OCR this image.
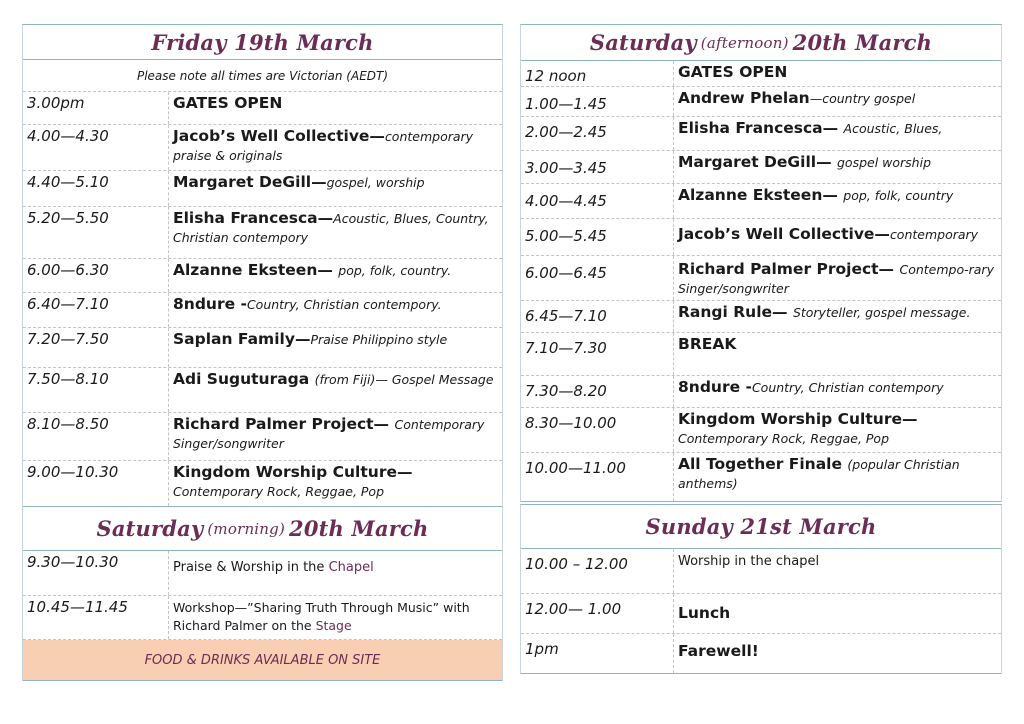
Friday 19th March
Please note all times are Victorian (AEDT)
3.00pm	GATES OPEN
4.00—4.30	Jacob’s Well Collective—contemporary praise & originals
4.40—5.10	Margaret DeGill—gospel, worship
5.20—5.50	Elisha Francesca—Acoustic, Blues, Country, Christian contempory
6.00—6.30	Alzanne Eksteen— pop, folk, country.
6.40—7.10	8ndure -Country, Christian contempory.
7.20—7.50	Saplan Family—Praise Philippino style
7.50—8.10	Adi Suguturaga (from Fiji)— Gospel Message
8.10—8.50	Richard Palmer Project— Contemporary Singer/songwriter
9.00—10.30	Kingdom Worship Culture—
Contemporary Rock, Reggae, Pop
Saturday (morning) 20th March
9.30—10.30	Praise & Worship in the Chapel
10.45—11.45	Workshop—”Sharing Truth Through Music” with Richard Palmer on the Stage
FOOD & DRINKS AVAILABLE ON SITE
Saturday (afternoon) 20th March
12 noon	GATES OPEN
1.00—1.45	Andrew Phelan—country gospel
2.00—2.45	Elisha Francesca— Acoustic, Blues,
3.00—3.45	Margaret DeGill— gospel worship
4.00—4.45	Alzanne Eksteen— pop, folk, country
5.00—5.45	Jacob’s Well Collective—contemporary
6.00—6.45	Richard Palmer Project— Contempo-rary Singer/songwriter
6.45—7.10	Rangi Rule— Storyteller, gospel message.
7.10—7.30	BREAK
7.30—8.20	8ndure -Country, Christian contempory
8.30—10.00	Kingdom Worship Culture—
Contemporary Rock, Reggae, Pop
10.00—11.00	All Together Finale (popular Christian anthems)
Sunday 21st March
10.00 – 12.00	Worship in the chapel
12.00— 1.00	Lunch
1pm	Farewell!
